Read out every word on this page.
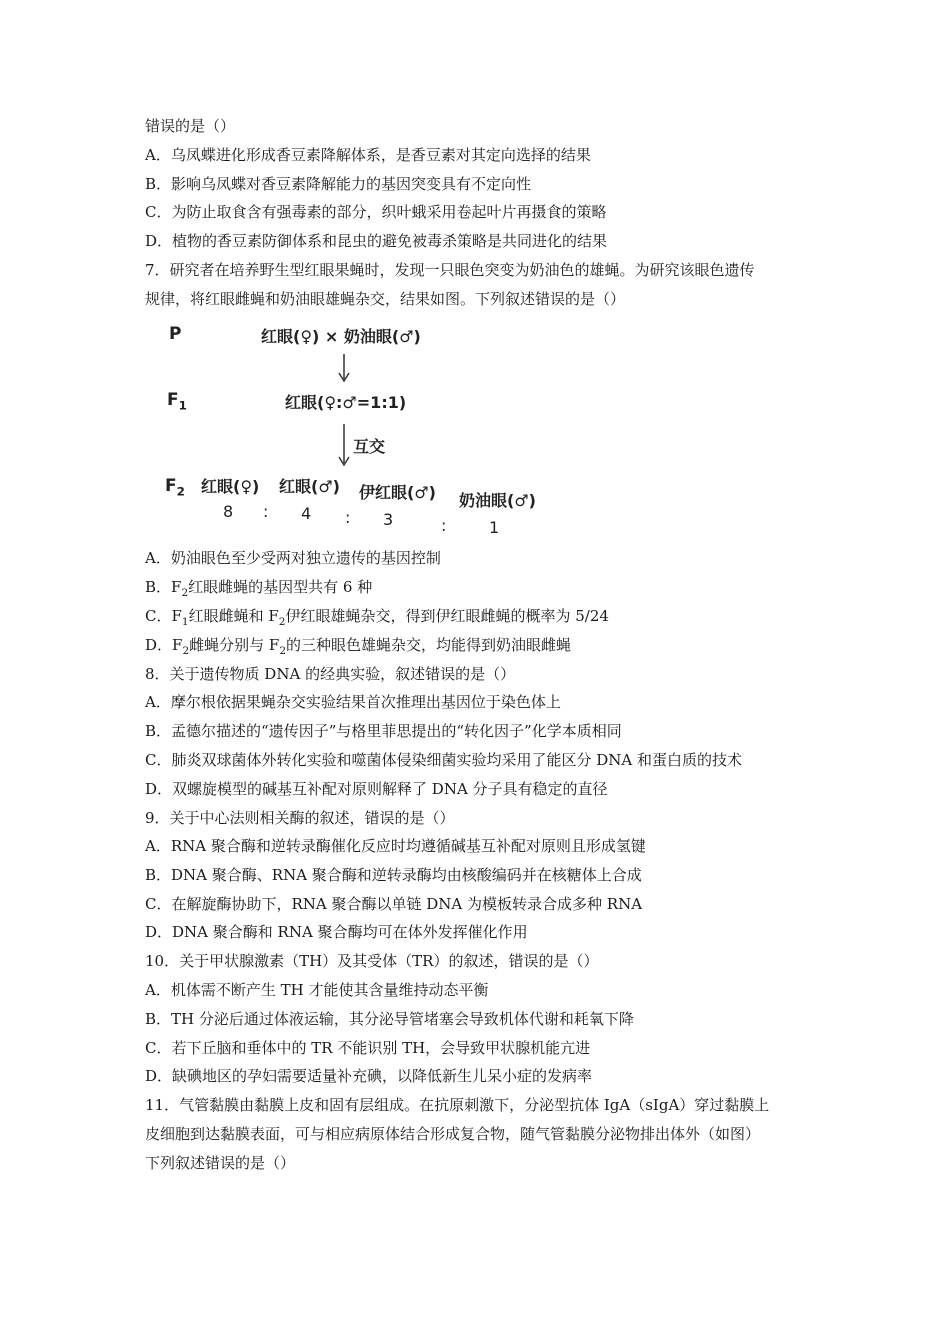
错误的是（）
A．乌凤蝶进化形成香豆素降解体系，是香豆素对其定向选择的结果
B．影响乌凤蝶对香豆素降解能力的基因突变具有不定向性
C．为防止取食含有强毒素的部分，织叶蛾采用卷起叶片再摄食的策略
D．植物的香豆素防御体系和昆虫的避免被毒杀策略是共同进化的结果
7．研究者在培养野生型红眼果蝇时，发现一只眼色突变为奶油色的雄蝇。为研究该眼色遗传
规律，将红眼雌蝇和奶油眼雄蝇杂交，结果如图。下列叙述错误的是（）
P	红眼(♀) × 奶油眼(♂)
$F_1$	红眼(♀:♂=1:1)
互交
$F_2$ 红眼(♀) 红眼(♂) 伊红眼(♂) 奶油眼(♂)
8 : 4 : 3	:	1
A．奶油眼色至少受两对独立遗传的基因控制
B．$F_2$红眼雌蝇的基因型共有 6 种
C．$F_1$红眼雌蝇和 $F_2$伊红眼雄蝇杂交，得到伊红眼雌蝇的概率为 5/24
D．$F_2$雌蝇分别与 $F_2$的三种眼色雄蝇杂交，均能得到奶油眼雌蝇
8．关于遗传物质 DNA 的经典实验，叙述错误的是（）
A．摩尔根依据果蝇杂交实验结果首次推理出基因位于染色体上
B．孟德尔描述的“遗传因子”与格里菲思提出的“转化因子”化学本质相同
C．肺炎双球菌体外转化实验和噬菌体侵染细菌实验均采用了能区分 DNA 和蛋白质的技术
D．双螺旋模型的碱基互补配对原则解释了 DNA 分子具有稳定的直径
9．关于中心法则相关酶的叙述，错误的是（）
A．RNA 聚合酶和逆转录酶催化反应时均遵循碱基互补配对原则且形成氢键
B．DNA 聚合酶、RNA 聚合酶和逆转录酶均由核酸编码并在核糖体上合成
C．在解旋酶协助下，RNA 聚合酶以单链 DNA 为模板转录合成多种 RNA
D．DNA 聚合酶和 RNA 聚合酶均可在体外发挥催化作用
10．关于甲状腺激素（TH）及其受体（TR）的叙述，错误的是（）
A．机体需不断产生 TH 才能使其含量维持动态平衡
B．TH 分泌后通过体液运输，其分泌导管堵塞会导致机体代谢和耗氧下降
C．若下丘脑和垂体中的 TR 不能识别 TH，会导致甲状腺机能亢进
D．缺碘地区的孕妇需要适量补充碘，以降低新生儿呆小症的发病率
11．气管黏膜由黏膜上皮和固有层组成。在抗原刺激下，分泌型抗体 IgA（sIgA）穿过黏膜上
皮细胞到达黏膜表面，可与相应病原体结合形成复合物，随气管黏膜分泌物排出体外（如图）
下列叙述错误的是（）
